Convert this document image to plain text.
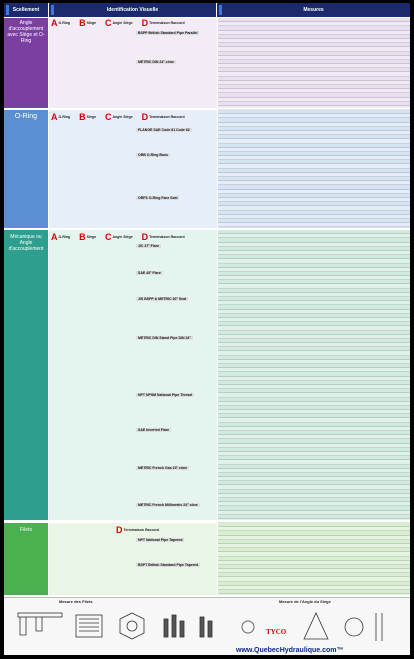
Scellement	Identification Visuelle	Mesures
Angle d'accouplement avec Siège et O-Ring
A O-Ring B Siège C Angle Siège D Terminaison Raccord
BSPP British Standard Pipe Parallel
METRIC DIN 24° cône
O-Ring	A O-Ring B Siège C Angle Siège D Terminaison Raccord
FLANGE SAE Code 61 Code 62
ORB O-Ring Boss
ORFS O-Ring Face Seal
Mécanique ou Angle d'accouplement
A O-Ring B Siège C Angle Siège D Terminaison Raccord
JIC 37° Flare
SAE 45° Flare
JIS BSPP & METRIC 30° Seat
METRIC DIN Stand Pipe DIN 24°
NPT NPSM National Pipe Thread
SAE Inverted Flare
METRIC French Gas 24° cône
METRIC French Millimetric 24° cône
Filets	D Terminaison Raccord
NPT National Pipe Tapered
BSPT British Standard Pipe Tapered
Mesure des Filets	Mesure de l'Angle du Siège
www.QuebecHydraulique.com™
TYCO
